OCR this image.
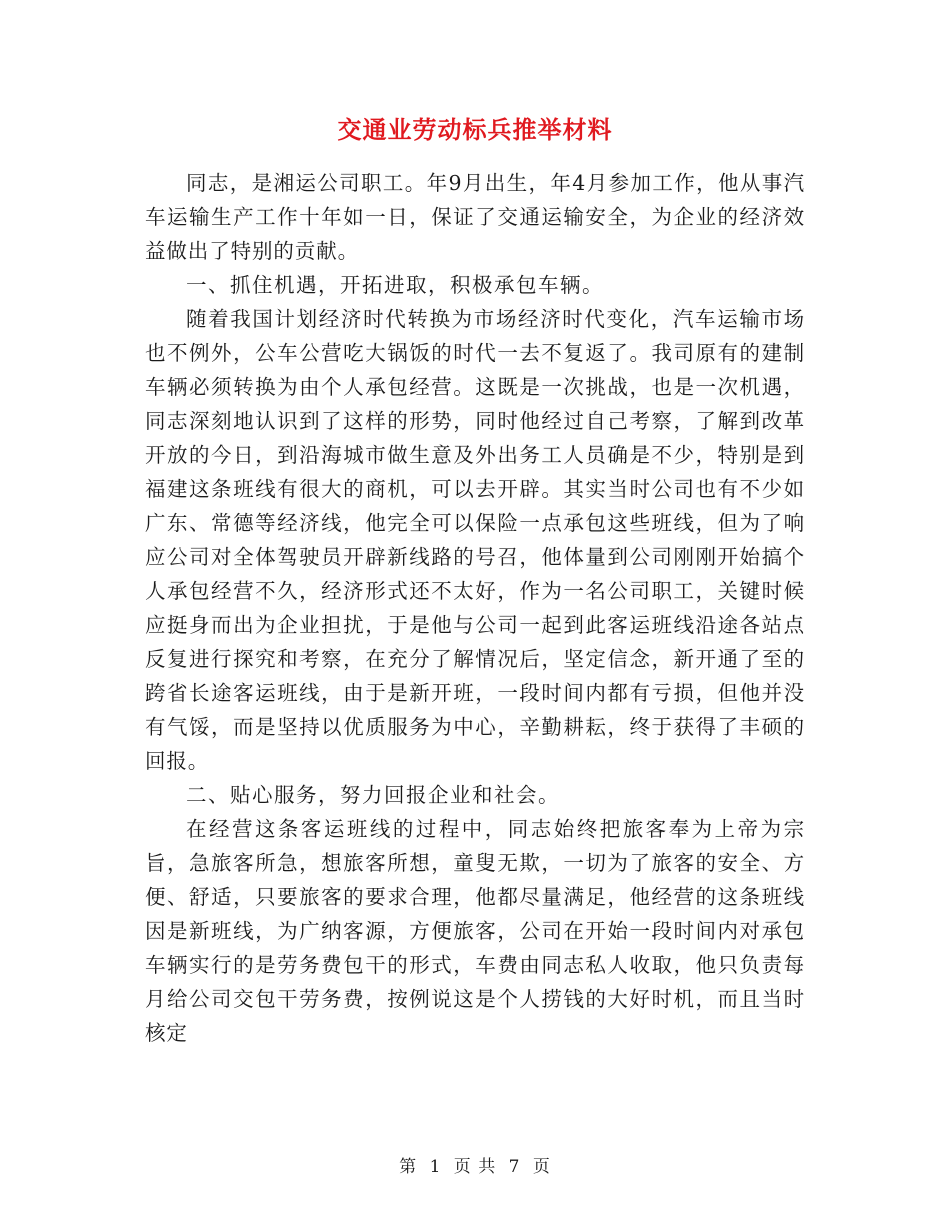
交通业劳动标兵推举材料

同志，是湘运公司职工。年9月出生，年4月参加工作，他从事汽车运输生产工作十年如一日，保证了交通运输安全，为企业的经济效益做出了特别的贡献。

一、抓住机遇，开拓进取，积极承包车辆。

随着我国计划经济时代转换为市场经济时代变化，汽车运输市场也不例外，公车公营吃大锅饭的时代一去不复返了。我司原有的建制车辆必须转换为由个人承包经营。这既是一次挑战，也是一次机遇，同志深刻地认识到了这样的形势，同时他经过自己考察，了解到改革开放的今日，到沿海城市做生意及外出务工人员确是不少，特别是到福建这条班线有很大的商机，可以去开辟。其实当时公司也有不少如广东、常德等经济线，他完全可以保险一点承包这些班线，但为了响应公司对全体驾驶员开辟新线路的号召，他体量到公司刚刚开始搞个人承包经营不久，经济形式还不太好，作为一名公司职工，关键时候应挺身而出为企业担扰，于是他与公司一起到此客运班线沿途各站点反复进行探究和考察，在充分了解情况后，坚定信念，新开通了至的跨省长途客运班线，由于是新开班，一段时间内都有亏损，但他并没有气馁，而是坚持以优质服务为中心，辛勤耕耘，终于获得了丰硕的回报。

二、贴心服务，努力回报企业和社会。

在经营这条客运班线的过程中，同志始终把旅客奉为上帝为宗旨，急旅客所急，想旅客所想，童叟无欺，一切为了旅客的安全、方便、舒适，只要旅客的要求合理，他都尽量满足，他经营的这条班线因是新班线，为广纳客源，方便旅客，公司在开始一段时间内对承包车辆实行的是劳务费包干的形式，车费由同志私人收取，他只负责每月给公司交包干劳务费，按例说这是个人捞钱的大好时机，而且当时核定

第 1 页 共 7 页
